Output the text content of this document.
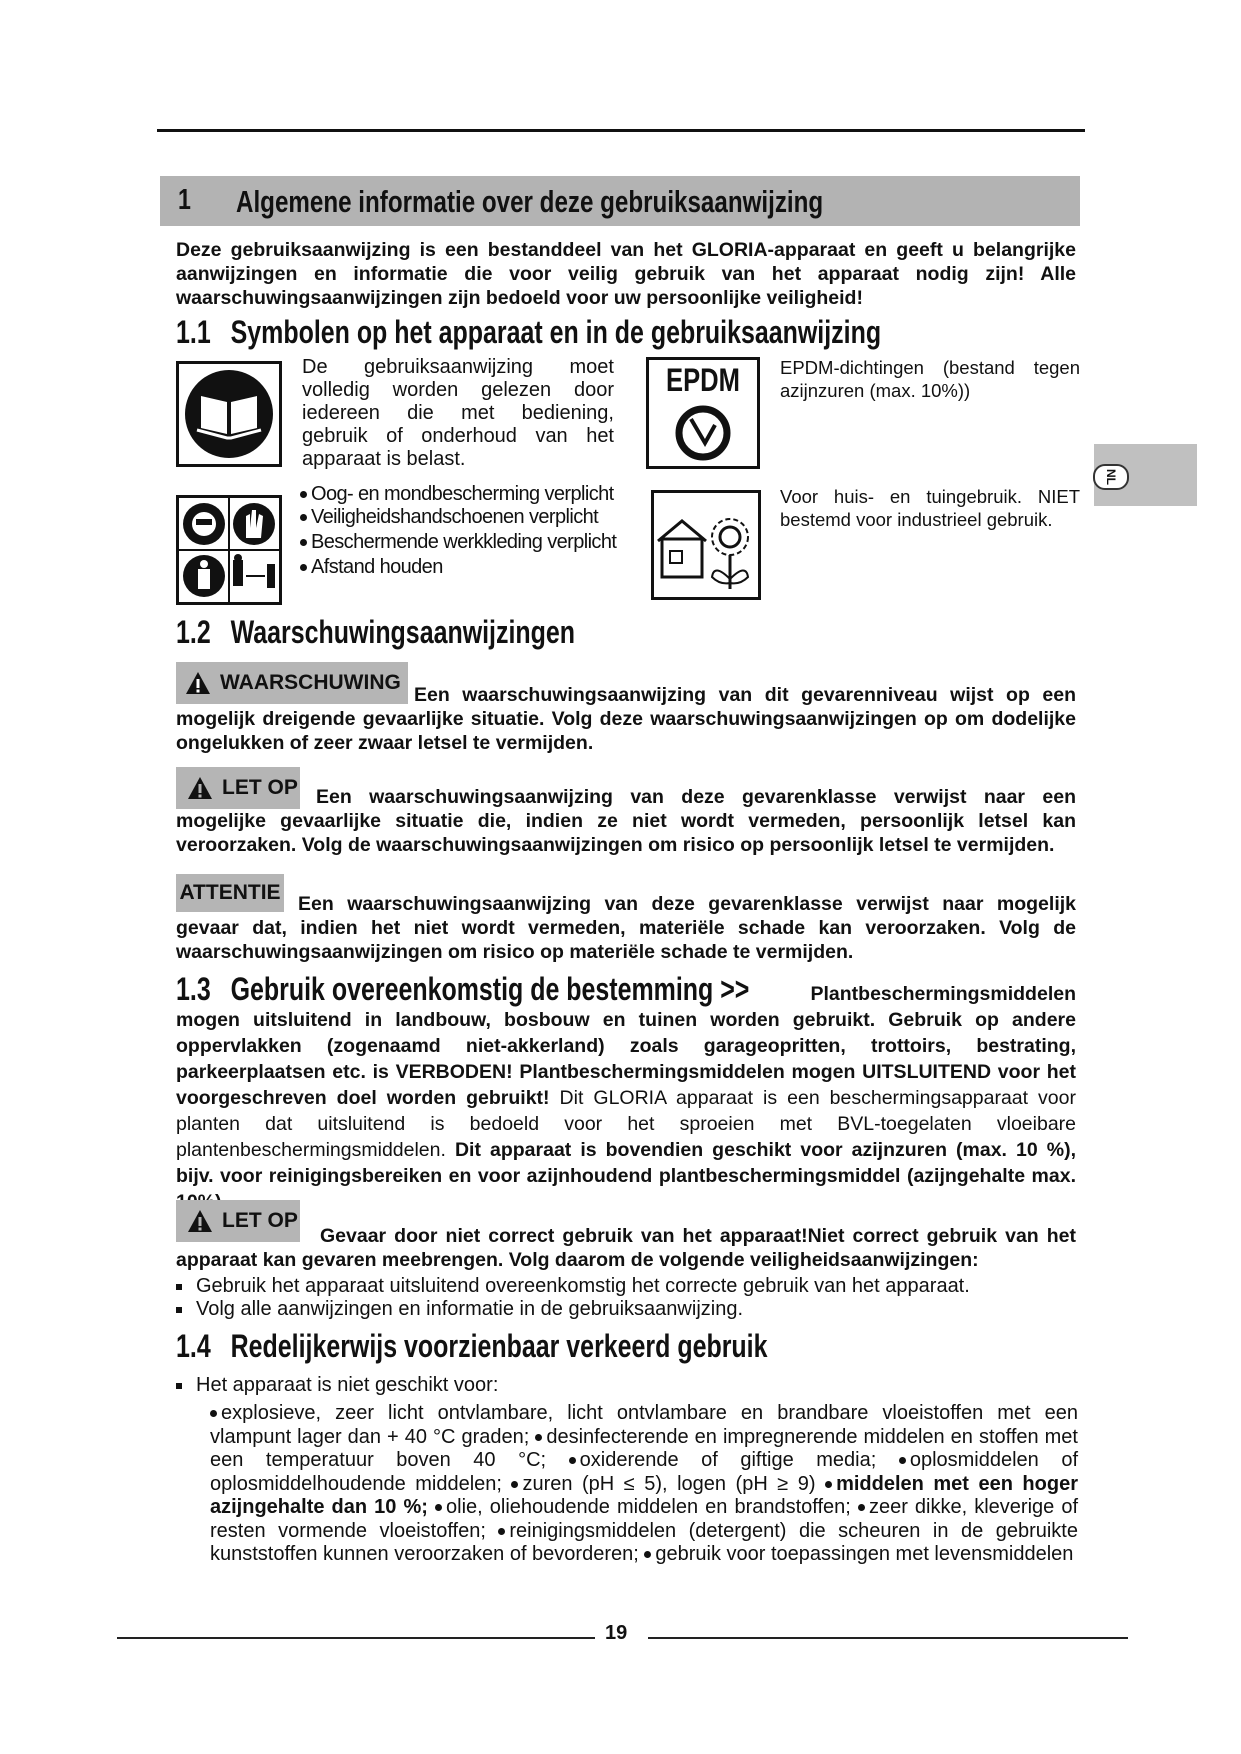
1 Algemene informatie over deze gebruiksaanwijzing
Deze gebruiksaanwijzing is een bestanddeel van het GLORIA-apparaat en geeft u belangrijke aanwijzingen en informatie die voor veilig gebruik van het apparaat nodig zijn! Alle waarschuwingsaanwijzingen zijn bedoeld voor uw persoonlijke veiligheid!
1.1 Symbolen op het apparaat en in de gebruiksaanwijzing
De gebruiksaanwijzing moet volledig worden gelezen door iedereen die met bediening, gebruik of onderhoud van het apparaat is belast.
Oog- en mondbescherming verplicht
Veiligheidshandschoenen verplicht
Beschermende werkkleding verplicht
Afstand houden
EPDM	EPDM-dichtingen (bestand tegen azijnzuren (max. 10%))
Voor huis- en tuingebruik. NIET bestemd voor industrieel gebruik.
NL
1.2 Waarschuwingsaanwijzingen
WAARSCHUWING
Een waarschuwingsaanwijzing van dit gevarenniveau wijst op een mogelijk dreigende gevaarlijke situatie. Volg deze waarschuwingsaanwijzingen op om dodelijke ongelukken of zeer zwaar letsel te vermijden.
LET OP Een waarschuwingsaanwijzing van deze gevarenklasse verwijst naar een mogelijke gevaarlijke situatie die, indien ze niet wordt vermeden, persoonlijk letsel kan veroorzaken. Volg de waarschuwingsaanwijzingen om risico op persoonlijk letsel te vermijden.
ATTENTIE Een waarschuwingsaanwijzing van deze gevarenklasse verwijst naar mogelijk gevaar dat, indien het niet wordt vermeden, materiële schade kan veroorzaken. Volg de waarschuwingsaanwijzingen om risico op materiële schade te vermijden.
1.3 Gebruik overeenkomstig de bestemming >>	Plantbeschermingsmiddelen mogen uitsluitend in landbouw, bosbouw en tuinen worden gebruikt. Gebruik op andere oppervlakken (zogenaamd niet-akkerland) zoals garageopritten, trottoirs, bestrating, parkeerplaatsen etc. is VERBODEN! Plantbeschermingsmiddelen mogen UITSLUITEND voor het voorgeschreven doel worden gebruikt! Dit GLORIA apparaat is een beschermingsapparaat voor planten dat uitsluitend is bedoeld voor het sproeien met BVL-toegelaten vloeibare plantenbeschermingsmiddelen. Dit apparaat is bovendien geschikt voor azijnzuren (max. 10 %), bijv. voor reinigingsbereiken en voor azijnhoudend plantbeschermingsmiddel (azijngehalte max.
LET OP
Gevaar door niet correct gebruik van het apparaat!Niet correct gebruik van het apparaat kan gevaren meebrengen. Volg daarom de volgende veiligheidsaanwijzingen:
Gebruik het apparaat uitsluitend overeenkomstig het correcte gebruik van het apparaat.
Volg alle aanwijzingen en informatie in de gebruiksaanwijzing.
1.4 Redelijkerwijs voorzienbaar verkeerd gebruik
Het apparaat is niet geschikt voor:
explosieve, zeer licht ontvlambare, licht ontvlambare en brandbare vloeistoffen met een vlampunt lager dan + 40 °C graden; desinfecterende en impregnerende middelen en stoffen met een temperatuur boven 40 °C; oxiderende of giftige media; oplosmiddelen of oplosmiddelhoudende middelen; zuren (pH ≤ 5), logen (pH ≥ 9) middelen met een hoger azijngehalte dan 10 %; olie, oliehoudende middelen en brandstoffen; zeer dikke, kleverige of resten vormende vloeistoffen; reinigingsmiddelen (detergent) die scheuren in de gebruikte kunststoffen kunnen veroorzaken of bevorderen; gebruik voor toepassingen met levensmiddelen
19
